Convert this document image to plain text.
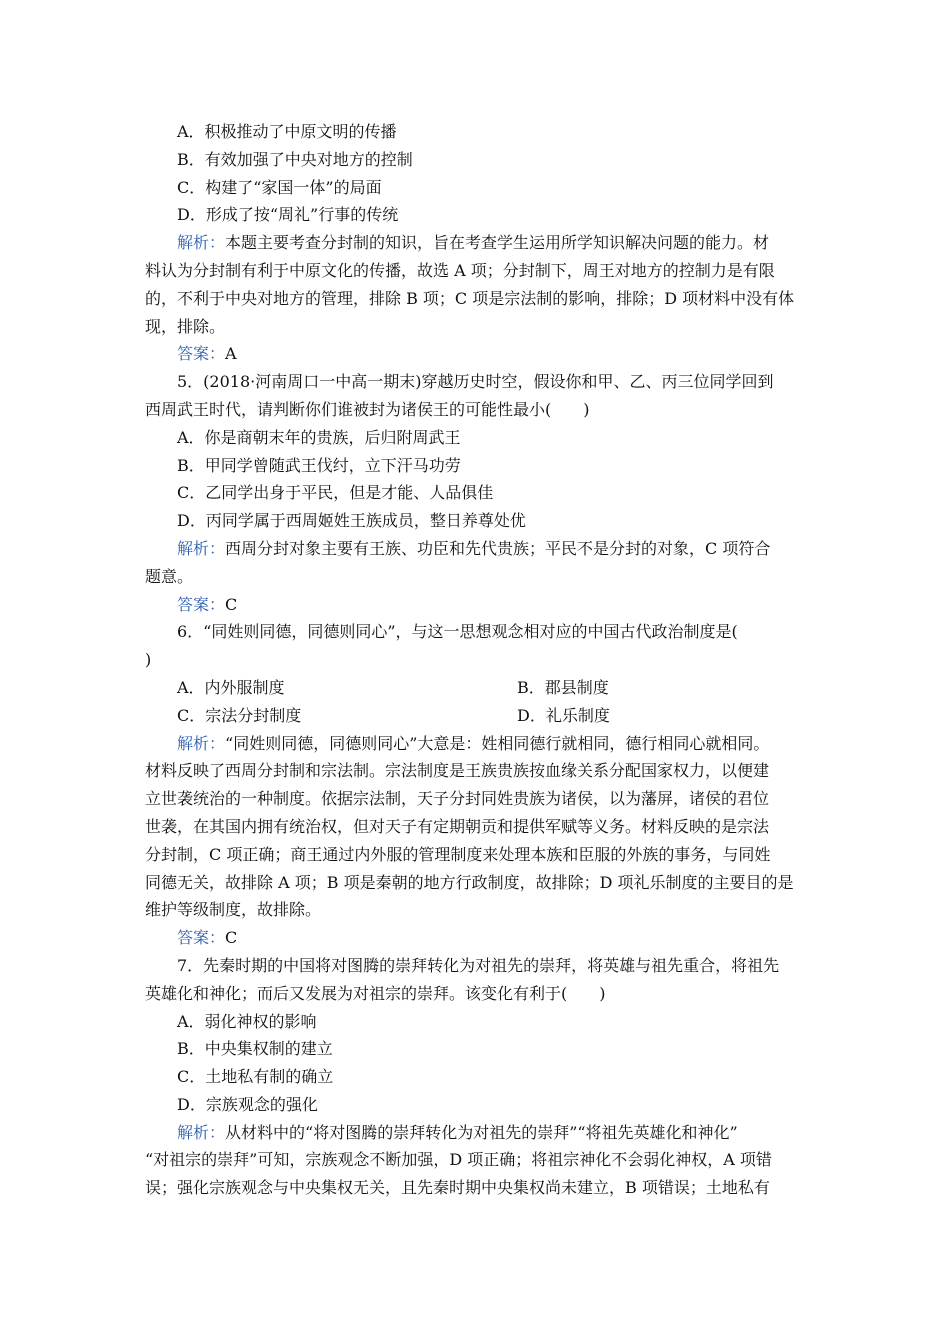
A．积极推动了中原文明的传播
B．有效加强了中央对地方的控制
C．构建了“家国一体”的局面
D．形成了按“周礼”行事的传统
解析：本题主要考查分封制的知识，旨在考查学生运用所学知识解决问题的能力。材
料认为分封制有利于中原文化的传播，故选 A 项；分封制下，周王对地方的控制力是有限
的，不利于中央对地方的管理，排除 B 项；C 项是宗法制的影响，排除；D 项材料中没有体
现，排除。
答案：A
5．(2018·河南周口一中高一期末)穿越历史时空，假设你和甲、乙、丙三位同学回到
西周武王时代，请判断你们谁被封为诸侯王的可能性最小(　　)
A．你是商朝末年的贵族，后归附周武王
B．甲同学曾随武王伐纣，立下汗马功劳
C．乙同学出身于平民，但是才能、人品俱佳
D．丙同学属于西周姬姓王族成员，整日养尊处优
解析：西周分封对象主要有王族、功臣和先代贵族；平民不是分封的对象，C 项符合
题意。
答案：C
6．“同姓则同德，同德则同心”，与这一思想观念相对应的中国古代政治制度是(
)
A．内外服制度	B．郡县制度
C．宗法分封制度	D．礼乐制度
解析：“同姓则同德，同德则同心”大意是：姓相同德行就相同，德行相同心就相同。
材料反映了西周分封制和宗法制。宗法制度是王族贵族按血缘关系分配国家权力，以便建
立世袭统治的一种制度。依据宗法制，天子分封同姓贵族为诸侯，以为藩屏，诸侯的君位
世袭，在其国内拥有统治权，但对天子有定期朝贡和提供军赋等义务。材料反映的是宗法
分封制，C 项正确；商王通过内外服的管理制度来处理本族和臣服的外族的事务，与同姓
同德无关，故排除 A 项；B 项是秦朝的地方行政制度，故排除；D 项礼乐制度的主要目的是
维护等级制度，故排除。
答案：C
7．先秦时期的中国将对图腾的崇拜转化为对祖先的崇拜，将英雄与祖先重合，将祖先
英雄化和神化；而后又发展为对祖宗的崇拜。该变化有利于(　　)
A．弱化神权的影响
B．中央集权制的建立
C．土地私有制的确立
D．宗族观念的强化
解析：从材料中的“将对图腾的崇拜转化为对祖先的崇拜”“将祖先英雄化和神化”
“对祖宗的崇拜”可知，宗族观念不断加强，D 项正确；将祖宗神化不会弱化神权，A 项错
误；强化宗族观念与中央集权无关，且先秦时期中央集权尚未建立，B 项错误；土地私有
